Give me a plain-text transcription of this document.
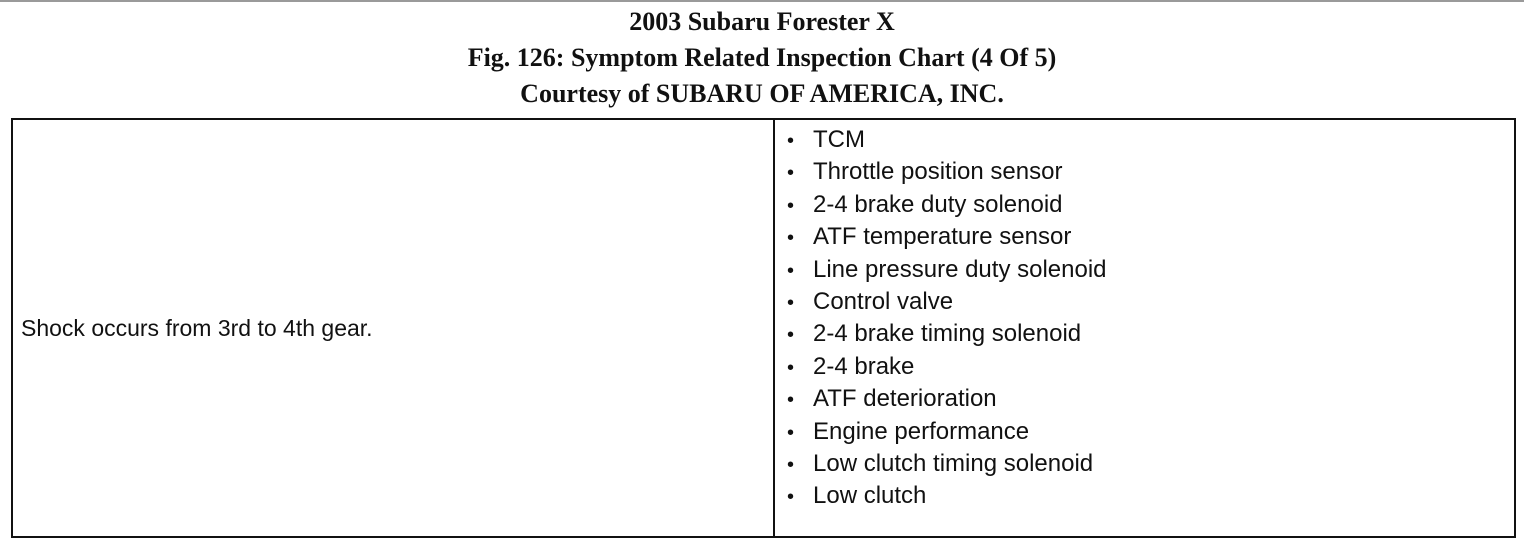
2003 Subaru Forester X
Fig. 126: Symptom Related Inspection Chart (4 Of 5)
Courtesy of SUBARU OF AMERICA, INC.
Shock occurs from 3rd to 4th gear.	
• TCM
• Throttle position sensor
• 2-4 brake duty solenoid
• ATF temperature sensor
• Line pressure duty solenoid
• Control valve
• 2-4 brake timing solenoid
• 2-4 brake
• ATF deterioration
• Engine performance
• Low clutch timing solenoid
• Low clutch
